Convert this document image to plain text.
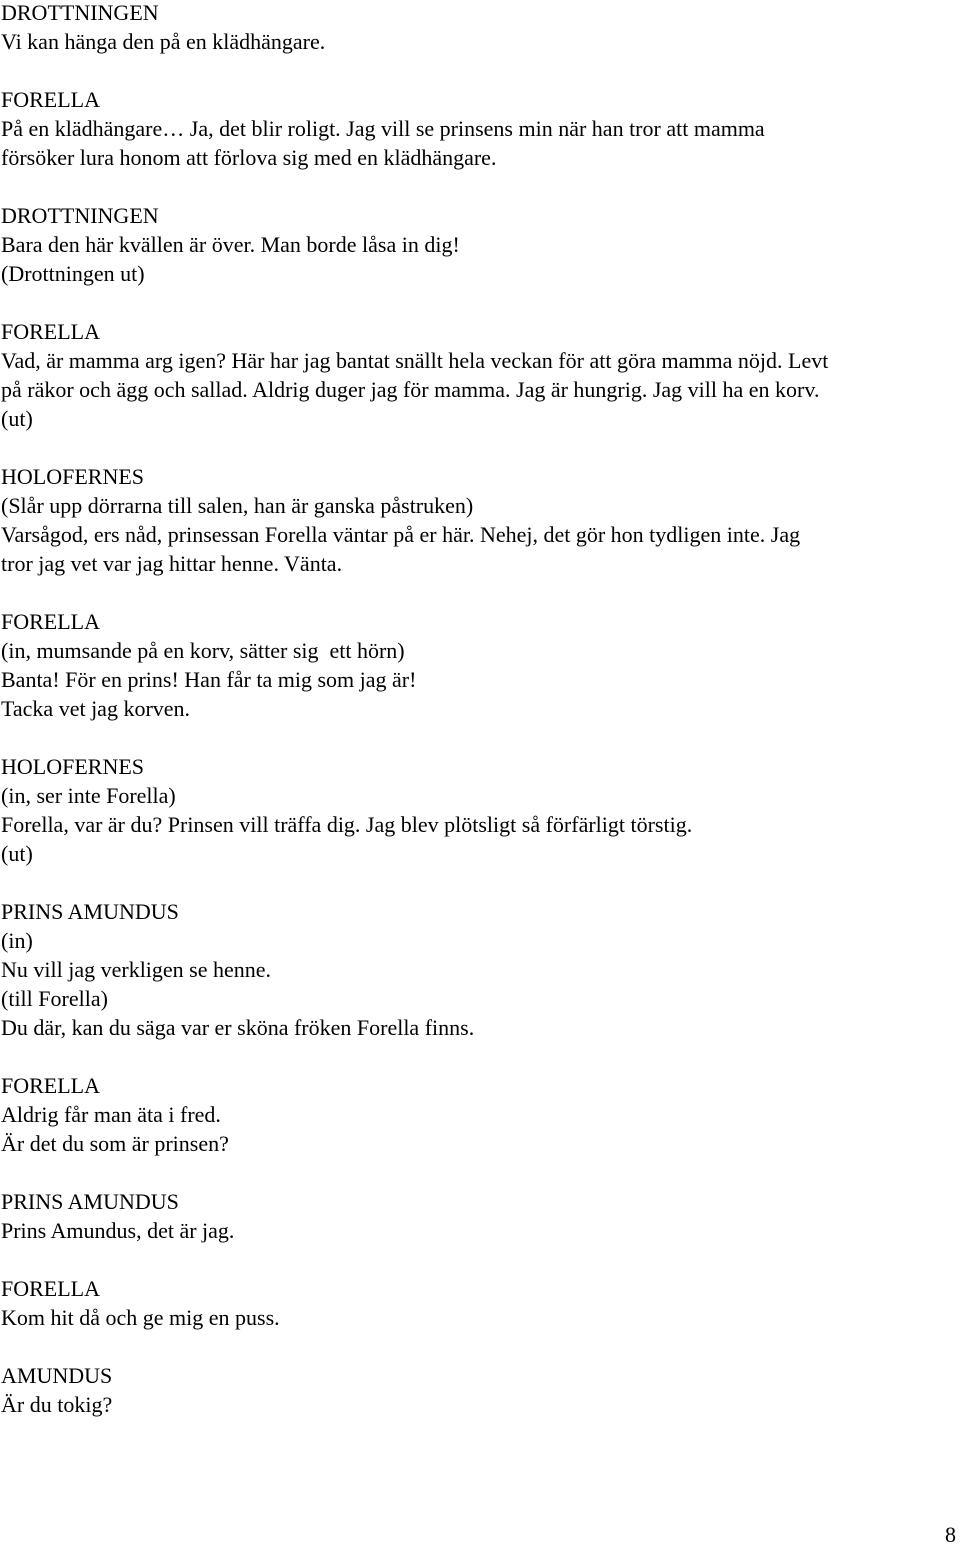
DROTTNINGEN
Vi kan hänga den på en klädhängare.
FORELLA
På en klädhängare… Ja, det blir roligt. Jag vill se prinsens min när han tror att mamma
försöker lura honom att förlova sig med en klädhängare.
DROTTNINGEN
Bara den här kvällen är över. Man borde låsa in dig!
(Drottningen ut)
FORELLA
Vad, är mamma arg igen? Här har jag bantat snällt hela veckan för att göra mamma nöjd. Levt
på räkor och ägg och sallad. Aldrig duger jag för mamma. Jag är hungrig. Jag vill ha en korv.
(ut)
HOLOFERNES
(Slår upp dörrarna till salen, han är ganska påstruken)
Varsågod, ers nåd, prinsessan Forella väntar på er här. Nehej, det gör hon tydligen inte. Jag
tror jag vet var jag hittar henne. Vänta.
FORELLA
(in, mumsande på en korv, sätter sig  ett hörn)
Banta! För en prins! Han får ta mig som jag är!
Tacka vet jag korven.
HOLOFERNES
(in, ser inte Forella)
Forella, var är du? Prinsen vill träffa dig. Jag blev plötsligt så förfärligt törstig.
(ut)
PRINS AMUNDUS
(in)
Nu vill jag verkligen se henne.
(till Forella)
Du där, kan du säga var er sköna fröken Forella finns.
FORELLA
Aldrig får man äta i fred.
Är det du som är prinsen?
PRINS AMUNDUS
Prins Amundus, det är jag.
FORELLA
Kom hit då och ge mig en puss.
AMUNDUS
Är du tokig?
8
